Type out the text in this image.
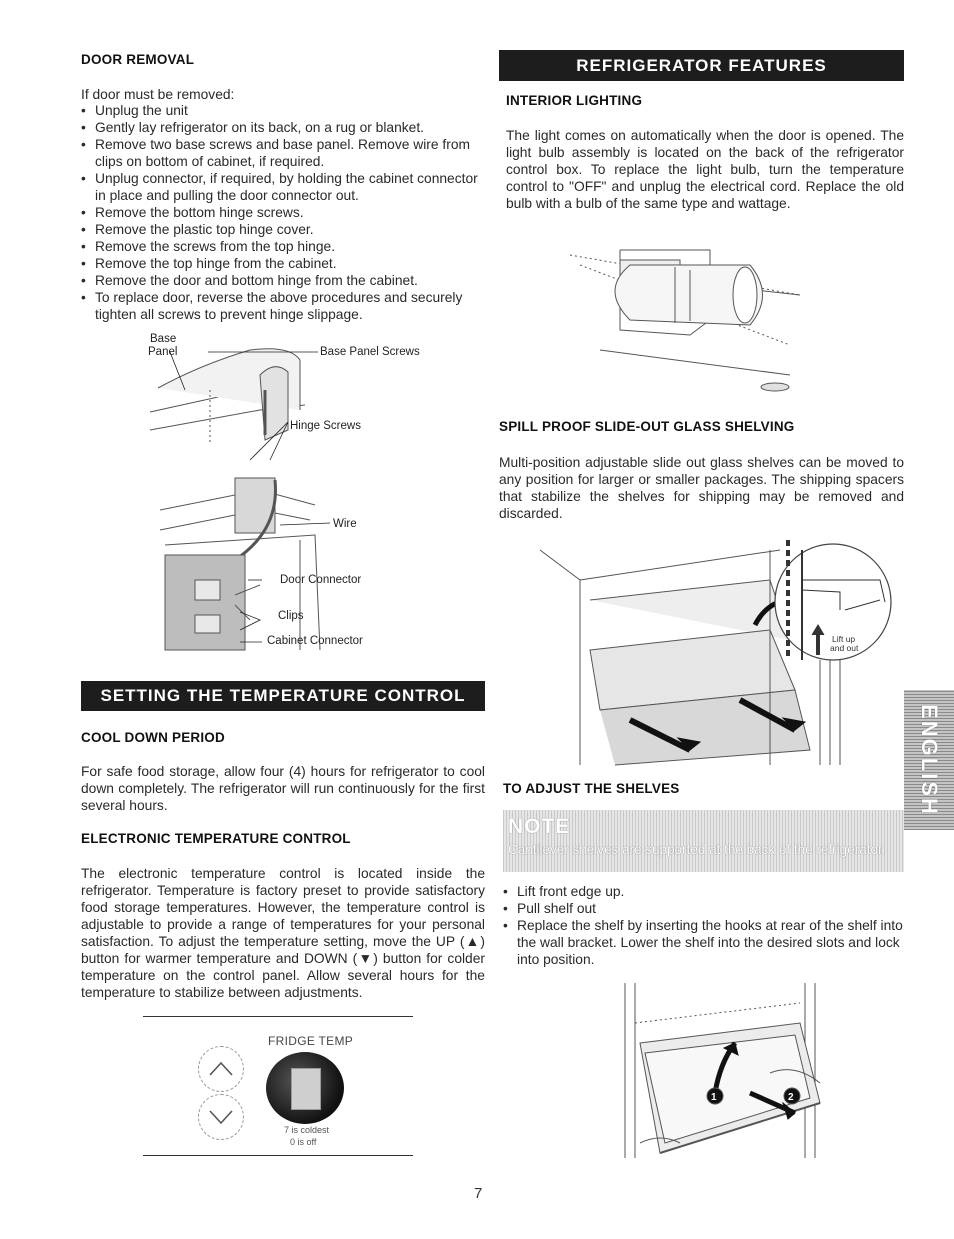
DOOR REMOVAL
If door must be removed:
• Unplug the unit
• Gently lay refrigerator on its back, on a rug or blanket.
• Remove two base screws and base panel. Remove wire from clips on bottom of cabinet, if required.
• Unplug connector, if required, by holding the cabinet connector in place and pulling the door connector out.
• Remove the bottom hinge screws.
• Remove the plastic top hinge cover.
• Remove the screws from the top hinge.
• Remove the top hinge from the cabinet.
• Remove the door and bottom hinge from the cabinet.
• To replace door, reverse the above procedures and securely tighten all screws to prevent hinge slippage.
Base
Panel	Base Panel Screws
Hinge Screws
Wire
Door Connector
Clips
Cabinet Connector
SETTING THE TEMPERATURE CONTROL
COOL DOWN PERIOD
For safe food storage, allow four (4) hours for refrigerator to cool down completely. The refrigerator will run continuously for the first several hours.
ELECTRONIC TEMPERATURE CONTROL
The electronic temperature control is located inside the refrigerator. Temperature is factory preset to provide satisfactory food storage temperatures. However, the temperature control is adjustable to provide a range of temperatures for your personal satisfaction. To adjust the temperature setting, move the UP (▲) button for warmer temperature and DOWN (▼) button for colder temperature on the control panel. Allow several hours for the temperature to stabilize between adjustments.
FRIDGE TEMP
7 is coldest
0 is off
REFRIGERATOR FEATURES
INTERIOR LIGHTING
The light comes on automatically when the door is opened. The light bulb assembly is located on the back of the refrigerator control box. To replace the light bulb, turn the temperature control to "OFF" and unplug the electrical cord. Replace the old bulb with a bulb of the same type and wattage.
SPILL PROOF SLIDE-OUT GLASS SHELVING
Multi-position adjustable slide out glass shelves can be moved to any position for larger or smaller packages. The shipping spacers that stabilize the shelves for shipping may be removed and discarded.
Lift up
and out
TO ADJUST THE SHELVES
NOTE
Cantilever shelves are supported at the back of the refrigerator.
• Lift front edge up.
• Pull shelf out
• Replace the shelf by inserting the hooks at rear of the shelf into the wall bracket. Lower the shelf into the desired slots and lock into position.
1	2
ENGLISH
7
